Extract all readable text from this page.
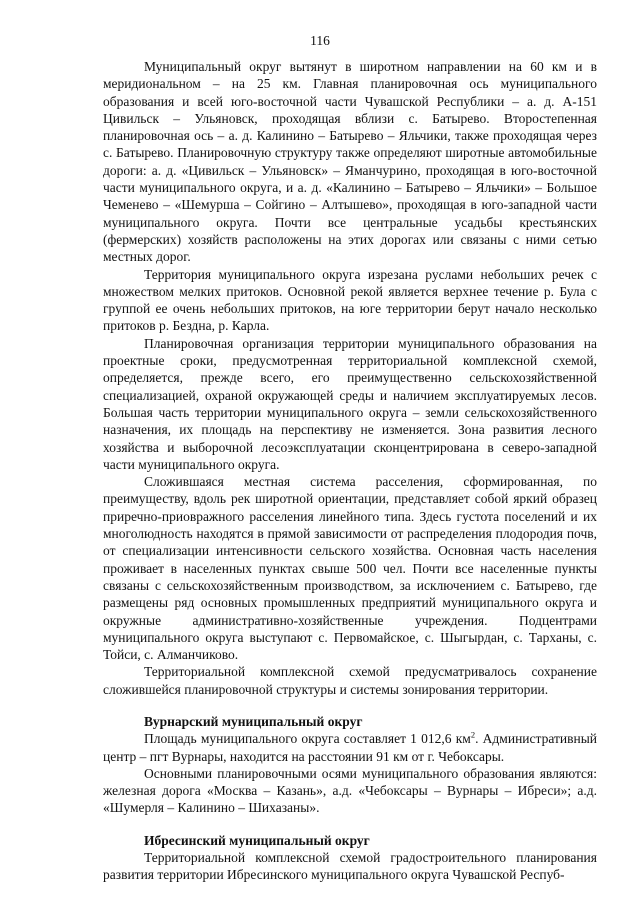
116

Муниципальный округ вытянут в широтном направлении на 60 км и в меридиональном – на 25 км. Главная планировочная ось муниципального образования и всей юго-восточной части Чувашской Республики – а. д. А-151 Цивильск – Ульяновск, проходящая вблизи с. Батырево. Второстепенная планировочная ось – а. д. Калинино – Батырево – Яльчики, также проходящая через с. Батырево. Планировочную структуру также определяют широтные автомобильные дороги: а. д. «Цивильск – Ульяновск» – Яманчурино, проходящая в юго-восточной части муниципального округа, и а. д. «Калинино – Батырево – Яльчики» – Большое Чеменево – «Шемурша – Сойгино – Алтышево», проходящая в юго-западной части муниципального округа. Почти все центральные усадьбы крестьянских (фермерских) хозяйств расположены на этих дорогах или связаны с ними сетью местных дорог.

Территория муниципального округа изрезана руслами небольших речек с множеством мелких притоков. Основной рекой является верхнее течение р. Була с группой ее очень небольших притоков, на юге территории берут начало несколько притоков р. Бездна, р. Карла.

Планировочная организация территории муниципального образования на проектные сроки, предусмотренная территориальной комплексной схемой, определяется, прежде всего, его преимущественно сельскохозяйственной специализацией, охраной окружающей среды и наличием эксплуатируемых лесов. Большая часть территории муниципального округа – земли сельскохозяйственного назначения, их площадь на перспективу не изменяется. Зона развития лесного хозяйства и выборочной лесоэксплуатации сконцентрирована в северо-западной части муниципального округа.

Сложившаяся местная система расселения, сформированная, по преимуществу, вдоль рек широтной ориентации, представляет собой яркий образец приречно-приовражного расселения линейного типа. Здесь густота поселений и их многолюдность находятся в прямой зависимости от распределения плодородия почв, от специализации интенсивности сельского хозяйства. Основная часть населения проживает в населенных пунктах свыше 500 чел. Почти все населенные пункты связаны с сельскохозяйственным производством, за исключением с. Батырево, где размещены ряд основных промышленных предприятий муниципального округа и окружные административно-хозяйственные учреждения. Подцентрами муниципального округа выступают с. Первомайское, с. Шыгырдан, с. Тарханы, с. Тойси, с. Алманчиково.

Территориальной комплексной схемой предусматривалось сохранение сложившейся планировочной структуры и системы зонирования территории.

Вурнарский муниципальный округ

Площадь муниципального округа составляет 1 012,6 $км^2$. Административный центр – пгт Вурнары, находится на расстоянии 91 км от г. Чебоксары.

Основными планировочными осями муниципального образования являются: железная дорога «Москва – Казань», а.д. «Чебоксары – Вурнары – Ибреси»; а.д. «Шумерля – Калинино – Шихазаны».

Ибресинский муниципальный округ

Территориальной комплексной схемой градостроительного планирования развития территории Ибресинского муниципального округа Чувашской Респуб-
